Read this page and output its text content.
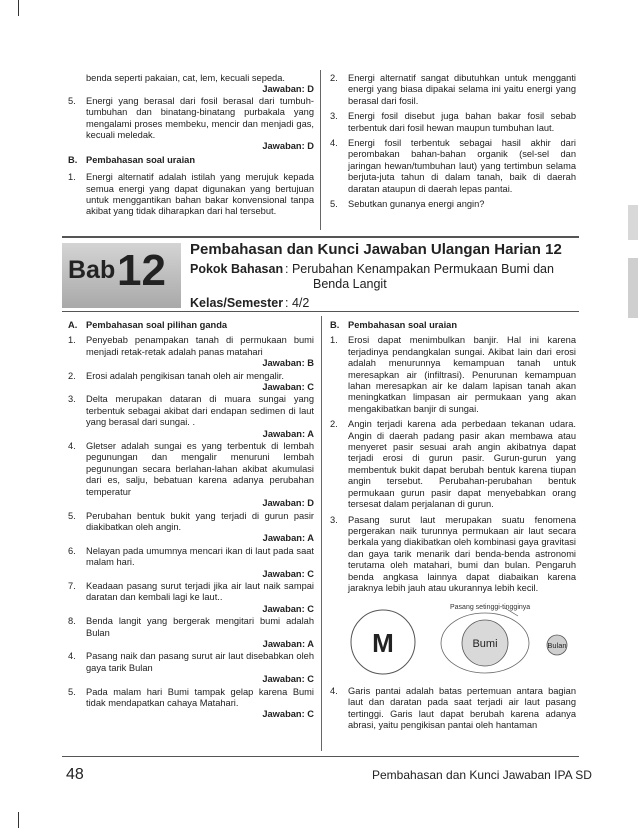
benda seperti pakaian, cat, lem, kecuali sepeda.
Jawaban: D
5.	Energi yang berasal dari fosil berasal dari tumbuh-tumbuhan dan binatang-binatang purbakala yang mengalami proses membeku, mencir dan menjadi gas, kecuali meledak.
Jawaban: D
B. Pembahasan soal uraian
1.	Energi alternatif adalah istilah yang merujuk kepada semua energi yang dapat digunakan yang bertujuan untuk menggantikan bahan bakar konvensional tanpa akibat yang tidak diharapkan dari hal tersebut.
2.	Energi alternatif sangat dibutuhkan untuk mengganti energi yang biasa dipakai selama ini yaitu energi yang berasal dari fosil.
3.	Energi fosil disebut juga bahan bakar fosil sebab terbentuk dari fosil hewan maupun tumbuhan laut.
4.	Energi fosil terbentuk sebagai hasil akhir dari perombakan bahan-bahan organik (sel-sel dan jaringan hewan/tumbuhan laut) yang tertimbun selama berjuta-juta tahun di dalam tanah, baik di daerah daratan ataupun di daerah lepas pantai.
5.	Sebutkan gunanya energi angin?
Bab 12 Pembahasan dan Kunci Jawaban Ulangan Harian 12
Pokok Bahasan : Perubahan Kenampakan Permukaan Bumi dan
Benda Langit
Kelas/Semester : 4/2
A. Pembahasan soal pilihan ganda
1.	Penyebab penampakan tanah di permukaan bumi menjadi retak-retak adalah panas matahari
Jawaban: B
2.	Erosi adalah pengikisan tanah oleh air mengalir.
Jawaban: C
3.	Delta merupakan dataran di muara sungai yang terbentuk sebagai akibat dari endapan sedimen di laut yang berasal dari sungai. .
Jawaban: A
4.	Gletser adalah sungai es yang terbentuk di lembah pegunungan dan mengalir menuruni lembah pegunungan secara berlahan-lahan akibat akumulasi dari es, salju, bebatuan karena adanya perubahan temperatur
Jawaban: D
5.	Perubahan bentuk bukit yang terjadi di gurun pasir diakibatkan oleh angin.
Jawaban: A
6.	Nelayan pada umumnya mencari ikan di laut pada saat malam hari.
Jawaban: C
7.	Keadaan pasang surut terjadi jika air laut naik sampai daratan dan kembali lagi ke laut..
Jawaban: C
8.	Benda langit yang bergerak mengitari bumi adalah Bulan
Jawaban: A
4.	Pasang naik dan pasang surut air laut disebabkan oleh gaya tarik Bulan
Jawaban: C
5.	Pada malam hari Bumi tampak gelap karena Bumi tidak mendapatkan cahaya Matahari.
Jawaban: C
B. Pembahasan soal uraian
1.	Erosi dapat menimbulkan banjir. Hal ini karena terjadinya pendangkalan sungai. Akibat lain dari erosi adalah menurunnya kemampuan tanah untuk meresapkan air (infiltrasi). Penurunan kemampuan lahan meresapkan air ke dalam lapisan tanah akan meningkatkan limpasan air permukaan yang akan mengakibatkan banjir di sungai.
2.	Angin terjadi karena ada perbedaan tekanan udara. Angin di daerah padang pasir akan membawa atau menyeret pasir sesuai arah angin akibatnya dapat terjadi erosi di gurun pasir. Gurun-gurun yang membentuk bukit dapat berubah bentuk karena tiupan angin tersebut. Perubahan-perubahan bentuk permukaan gurun pasir dapat menyebabkan orang tersesat dalam perjalanan di gurun.
3.	Pasang surut laut merupakan suatu fenomena pergerakan naik turunnya permukaan air laut secara berkala yang diakibatkan oleh kombinasi gaya gravitasi dan gaya tarik menarik dari benda-benda astronomi terutama oleh matahari, bumi dan bulan. Pengaruh benda angkasa lainnya dapat diabaikan karena jaraknya lebih jauh atau ukurannya lebih kecil.
M	Bumi	Bulan
Pasang setinggi-tingginya
4.	Garis pantai adalah batas pertemuan antara bagian laut dan daratan pada saat terjadi air laut pasang tertinggi. Garis laut dapat berubah karena adanya abrasi, yaitu pengikisan pantai oleh hantaman
48	Pembahasan dan Kunci Jawaban IPA SD
